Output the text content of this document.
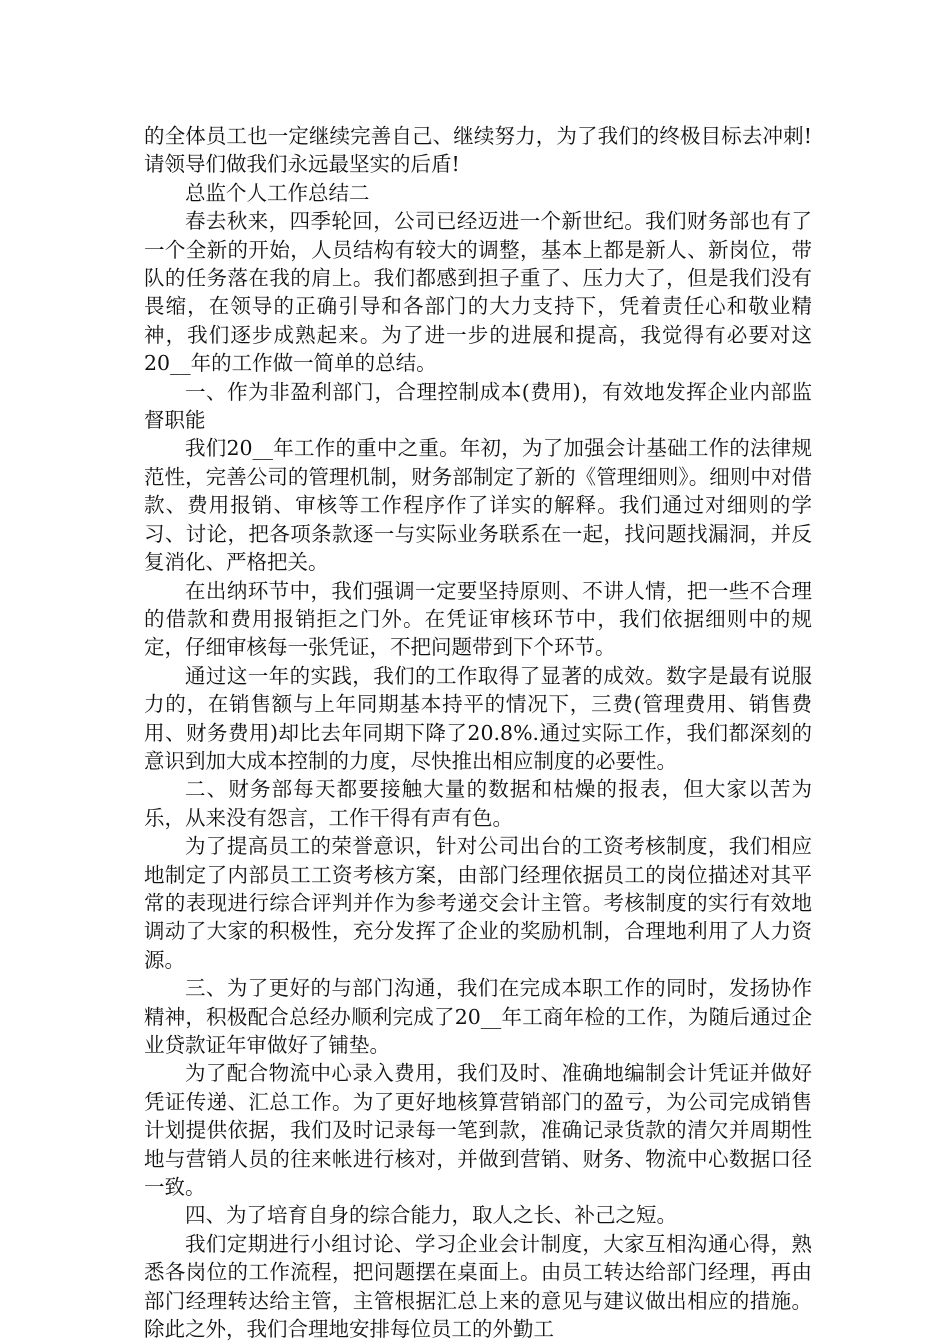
的全体员工也一定继续完善自己、继续努力，为了我们的终极目标去冲刺!请领导们做我们永远最坚实的后盾!

总监个人工作总结二

春去秋来，四季轮回，公司已经迈进一个新世纪。我们财务部也有了一个全新的开始，人员结构有较大的调整，基本上都是新人、新岗位，带队的任务落在我的肩上。我们都感到担子重了、压力大了，但是我们没有畏缩，在领导的正确引导和各部门的大力支持下，凭着责任心和敬业精神，我们逐步成熟起来。为了进一步的进展和提高，我觉得有必要对这20__年的工作做一简单的总结。

一、作为非盈利部门，合理控制成本(费用)，有效地发挥企业内部监督职能

我们20__年工作的重中之重。年初，为了加强会计基础工作的法律规范性，完善公司的管理机制，财务部制定了新的《管理细则》。细则中对借款、费用报销、审核等工作程序作了详实的解释。我们通过对细则的学习、讨论，把各项条款逐一与实际业务联系在一起，找问题找漏洞，并反复消化、严格把关。

在出纳环节中，我们强调一定要坚持原则、不讲人情，把一些不合理的借款和费用报销拒之门外。在凭证审核环节中，我们依据细则中的规定，仔细审核每一张凭证，不把问题带到下个环节。

通过这一年的实践，我们的工作取得了显著的成效。数字是最有说服力的，在销售额与上年同期基本持平的情况下，三费(管理费用、销售费用、财务费用)却比去年同期下降了20.8%.通过实际工作，我们都深刻的意识到加大成本控制的力度，尽快推出相应制度的必要性。

二、财务部每天都要接触大量的数据和枯燥的报表，但大家以苦为乐，从来没有怨言，工作干得有声有色。

为了提高员工的荣誉意识，针对公司出台的工资考核制度，我们相应地制定了内部员工工资考核方案，由部门经理依据员工的岗位描述对其平常的表现进行综合评判并作为参考递交会计主管。考核制度的实行有效地调动了大家的积极性，充分发挥了企业的奖励机制，合理地利用了人力资源。

三、为了更好的与部门沟通，我们在完成本职工作的同时，发扬协作精神，积极配合总经办顺利完成了20__年工商年检的工作，为随后通过企业贷款证年审做好了铺垫。

为了配合物流中心录入费用，我们及时、准确地编制会计凭证并做好凭证传递、汇总工作。为了更好地核算营销部门的盈亏，为公司完成销售计划提供依据，我们及时记录每一笔到款，准确记录货款的清欠并周期性地与营销人员的往来帐进行核对，并做到营销、财务、物流中心数据口径一致。

四、为了培育自身的综合能力，取人之长、补己之短。

我们定期进行小组讨论、学习企业会计制度，大家互相沟通心得，熟悉各岗位的工作流程，把问题摆在桌面上。由员工转达给部门经理，再由部门经理转达给主管，主管根据汇总上来的意见与建议做出相应的措施。除此之外，我们合理地安排每位员工的外勤工
